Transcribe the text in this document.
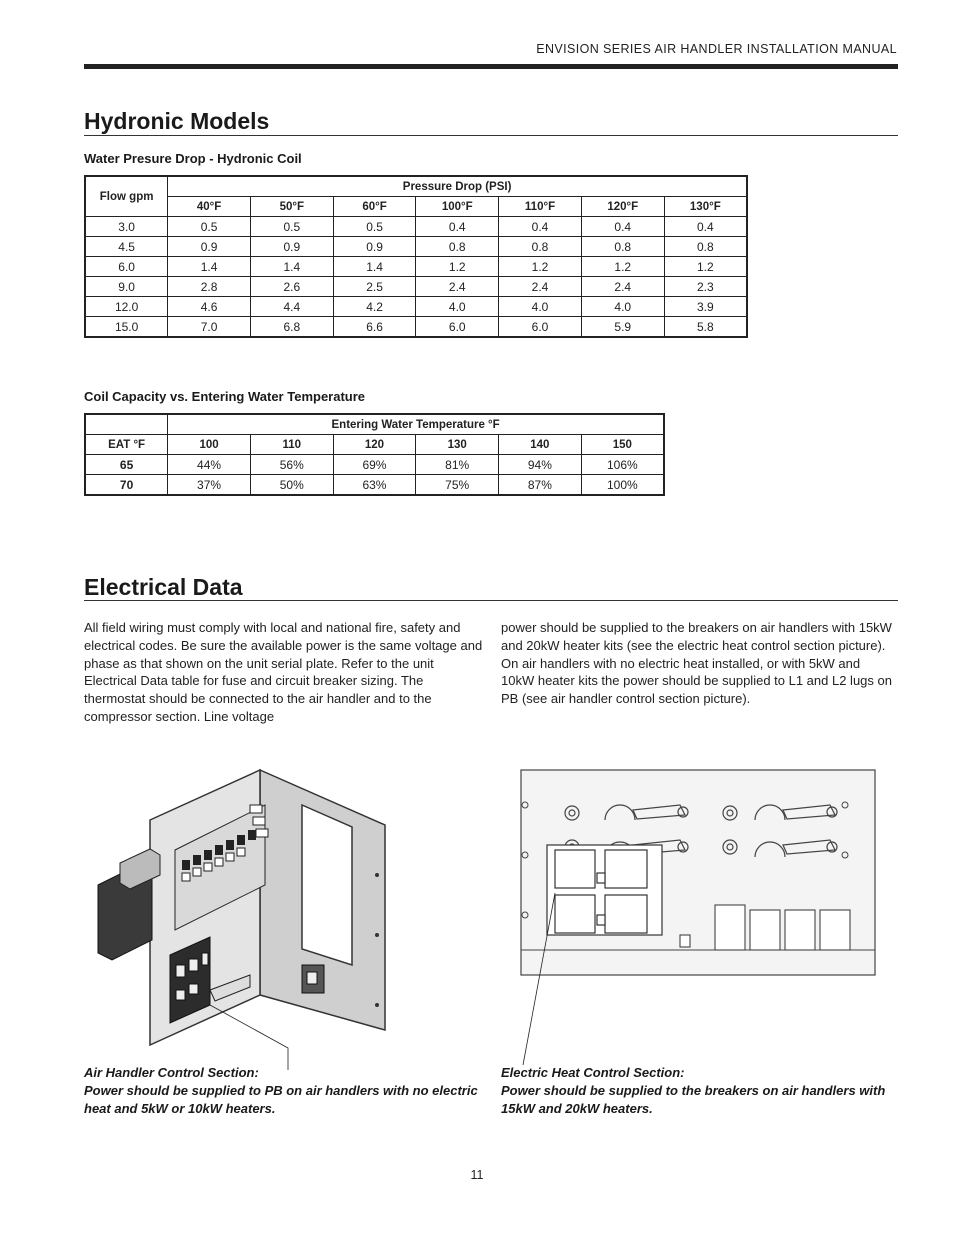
ENVISION SERIES AIR HANDLER INSTALLATION MANUAL
Hydronic Models
Water Presure Drop - Hydronic Coil
Flow gpm	Pressure Drop (PSI)						
	40°F	50°F	60°F	100°F	110°F	120°F	130°F
3.0	0.5	0.5	0.5	0.4	0.4	0.4	0.4
4.5	0.9	0.9	0.9	0.8	0.8	0.8	0.8
6.0	1.4	1.4	1.4	1.2	1.2	1.2	1.2
9.0	2.8	2.6	2.5	2.4	2.4	2.4	2.3
12.0	4.6	4.4	4.2	4.0	4.0	4.0	3.9
15.0	7.0	6.8	6.6	6.0	6.0	5.9	5.8
Coil Capacity vs. Entering Water Temperature
	Entering Water Temperature °F					
EAT °F	100	110	120	130	140	150
65	44%	56%	69%	81%	94%	106%
70	37%	50%	63%	75%	87%	100%
Electrical Data
All field wiring must comply with local and national fire, safety and electrical codes. Be sure the available power is the same voltage and phase as that shown on the unit serial plate. Refer to the unit Electrical Data table for fuse and circuit breaker sizing. The thermostat should be connected to the air handler and to the compressor section. Line voltage
power should be supplied to the breakers on air handlers with 15kW and 20kW heater kits (see the electric heat control section picture). On air handlers with no electric heat installed, or with 5kW and 10kW heater kits the power should be supplied to L1 and L2 lugs on PB (see air handler control section picture).
Air Handler Control Section:
Power should be supplied to PB on air handlers with no electric heat and 5kW or 10kW heaters.
Electric Heat Control Section:
Power should be supplied to the breakers on air handlers with 15kW and 20kW heaters.
11
